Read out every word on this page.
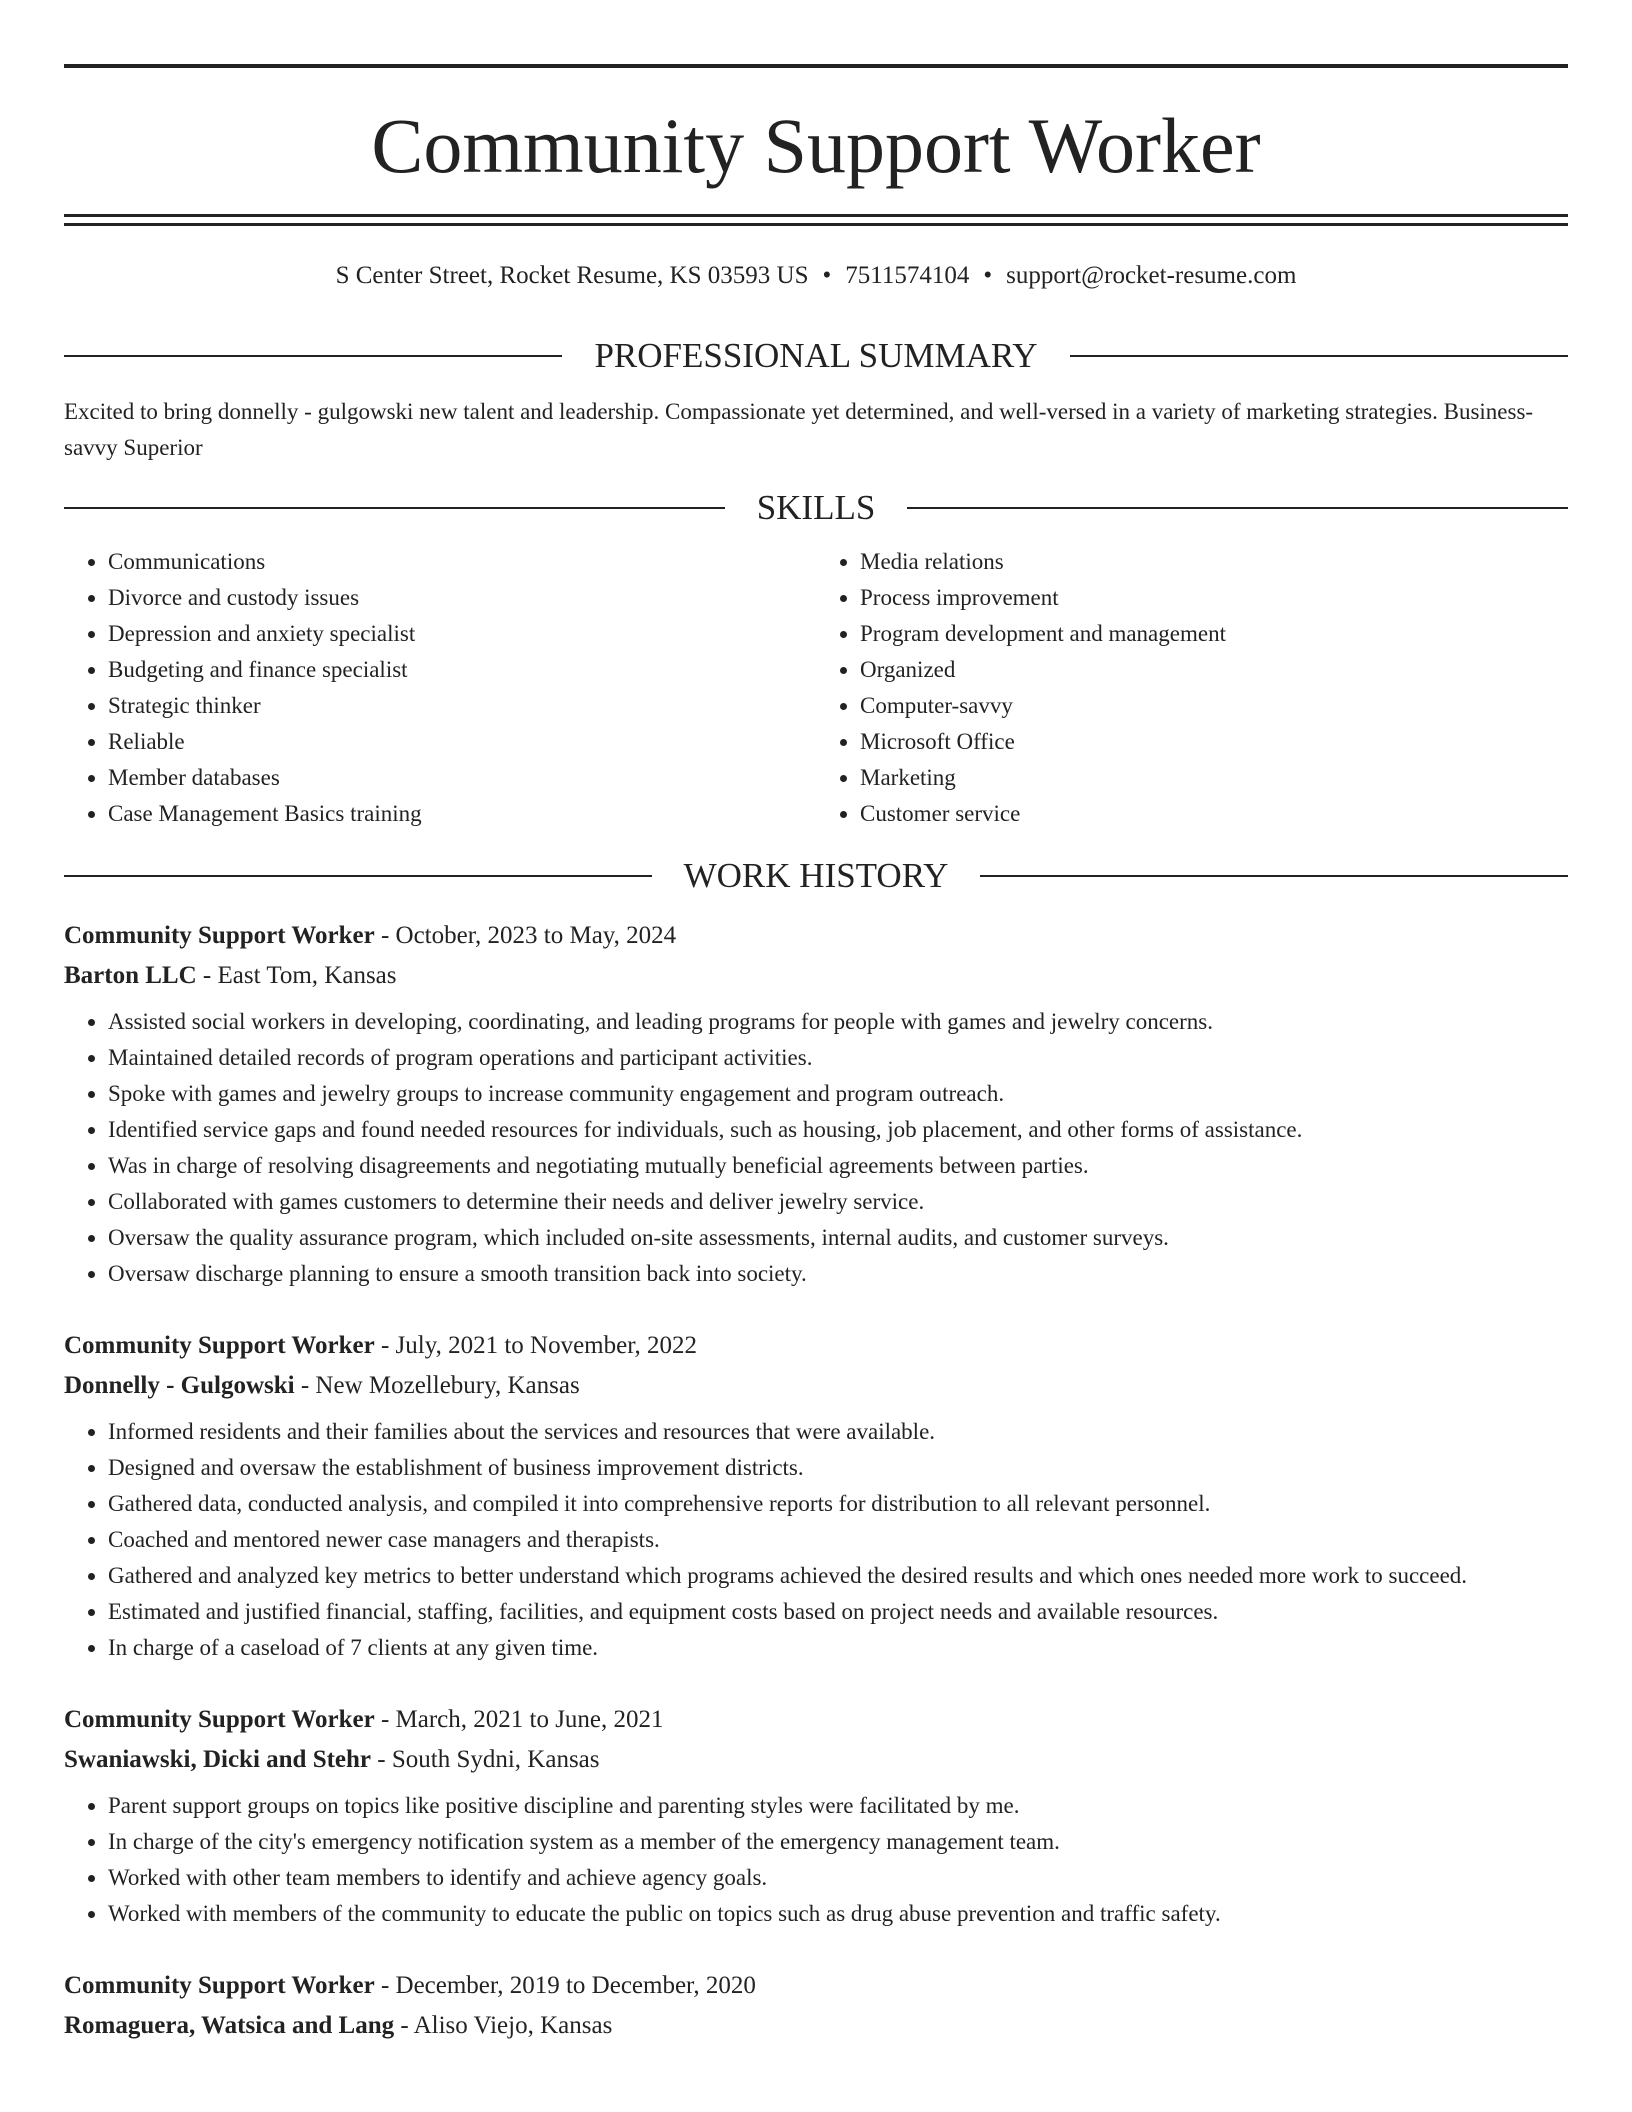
Community Support Worker
S Center Street, Rocket Resume, KS 03593 US • 7511574104 • support@rocket-resume.com
PROFESSIONAL SUMMARY
Excited to bring donnelly - gulgowski new talent and leadership. Compassionate yet determined, and well-versed in a variety of marketing strategies. Business-savvy Superior
SKILLS
• Communications
• Divorce and custody issues
• Depression and anxiety specialist
• Budgeting and finance specialist
• Strategic thinker
• Reliable
• Member databases
• Case Management Basics training
• Media relations
• Process improvement
• Program development and management
• Organized
• Computer-savvy
• Microsoft Office
• Marketing
• Customer service
WORK HISTORY
Community Support Worker - October, 2023 to May, 2024
Barton LLC - East Tom, Kansas
• Assisted social workers in developing, coordinating, and leading programs for people with games and jewelry concerns.
• Maintained detailed records of program operations and participant activities.
• Spoke with games and jewelry groups to increase community engagement and program outreach.
• Identified service gaps and found needed resources for individuals, such as housing, job placement, and other forms of assistance.
• Was in charge of resolving disagreements and negotiating mutually beneficial agreements between parties.
• Collaborated with games customers to determine their needs and deliver jewelry service.
• Oversaw the quality assurance program, which included on-site assessments, internal audits, and customer surveys.
• Oversaw discharge planning to ensure a smooth transition back into society.
Community Support Worker - July, 2021 to November, 2022
Donnelly - Gulgowski - New Mozellebury, Kansas
• Informed residents and their families about the services and resources that were available.
• Designed and oversaw the establishment of business improvement districts.
• Gathered data, conducted analysis, and compiled it into comprehensive reports for distribution to all relevant personnel.
• Coached and mentored newer case managers and therapists.
• Gathered and analyzed key metrics to better understand which programs achieved the desired results and which ones needed more work to succeed.
• Estimated and justified financial, staffing, facilities, and equipment costs based on project needs and available resources.
• In charge of a caseload of 7 clients at any given time.
Community Support Worker - March, 2021 to June, 2021
Swaniawski, Dicki and Stehr - South Sydni, Kansas
• Parent support groups on topics like positive discipline and parenting styles were facilitated by me.
• In charge of the city's emergency notification system as a member of the emergency management team.
• Worked with other team members to identify and achieve agency goals.
• Worked with members of the community to educate the public on topics such as drug abuse prevention and traffic safety.
Community Support Worker - December, 2019 to December, 2020
Romaguera, Watsica and Lang - Aliso Viejo, Kansas
